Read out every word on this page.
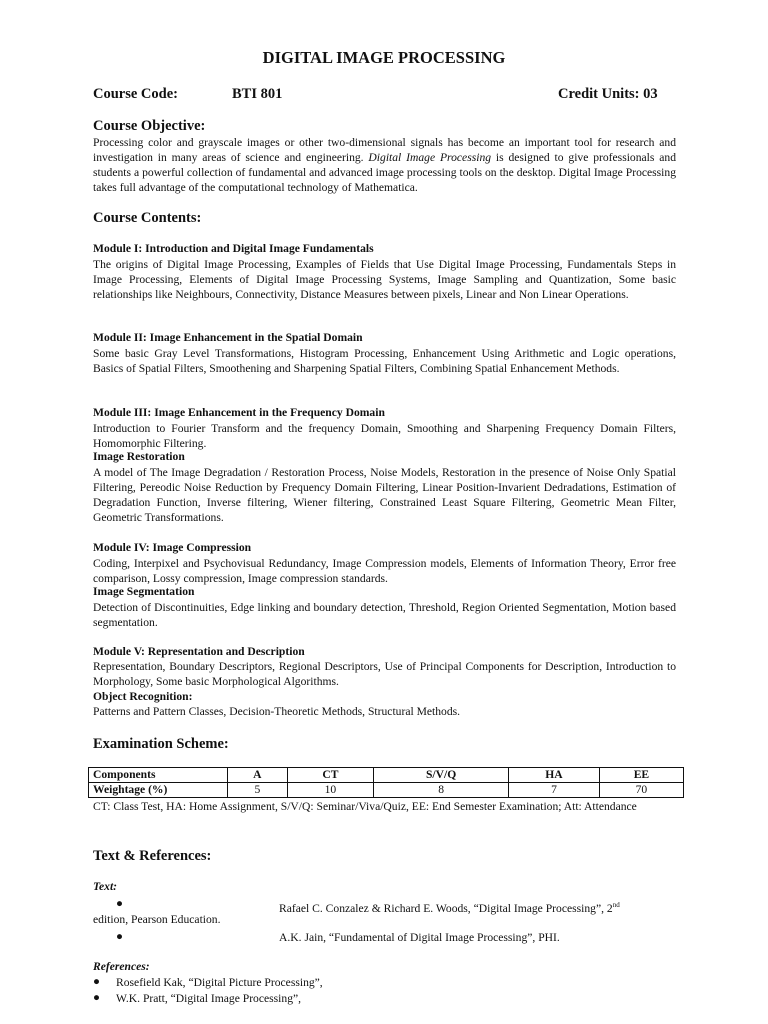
DIGITAL IMAGE PROCESSING
Course Code:	BTI 801	Credit Units: 03
Course Objective:
Processing color and grayscale images or other two-dimensional signals has become an important tool for research and investigation in many areas of science and engineering. Digital Image Processing is designed to give professionals and students a powerful collection of fundamental and advanced image processing tools on the desktop. Digital Image Processing takes full advantage of the computational technology of Mathematica.
Course Contents:
Module I: Introduction and Digital Image Fundamentals
The origins of Digital Image Processing, Examples of Fields that Use Digital Image Processing, Fundamentals Steps in Image Processing, Elements of Digital Image Processing Systems, Image Sampling and Quantization, Some basic relationships like Neighbours, Connectivity, Distance Measures between pixels, Linear and Non Linear Operations.
Module II: Image Enhancement in the Spatial Domain
Some basic Gray Level Transformations, Histogram Processing, Enhancement Using Arithmetic and Logic operations, Basics of Spatial Filters, Smoothening and Sharpening Spatial Filters, Combining Spatial Enhancement Methods.
Module III: Image Enhancement in the Frequency Domain
Introduction to Fourier Transform and the frequency Domain, Smoothing and Sharpening Frequency Domain Filters, Homomorphic Filtering.
Image Restoration
A model of The Image Degradation / Restoration Process, Noise Models, Restoration in the presence of Noise Only Spatial Filtering, Pereodic Noise Reduction by Frequency Domain Filtering, Linear Position-Invarient Dedradations, Estimation of Degradation Function, Inverse filtering, Wiener filtering, Constrained Least Square Filtering, Geometric Mean Filter, Geometric Transformations.
Module IV: Image Compression
Coding, Interpixel and Psychovisual Redundancy, Image Compression models, Elements of Information Theory, Error free comparison, Lossy compression, Image compression standards.
Image Segmentation
Detection of Discontinuities, Edge linking and boundary detection, Threshold, Region Oriented Segmentation, Motion based segmentation.
Module V: Representation and Description
Representation, Boundary Descriptors, Regional Descriptors, Use of Principal Components for Description, Introduction to Morphology, Some basic Morphological Algorithms.
Object Recognition:
Patterns and Pattern Classes, Decision-Theoretic Methods, Structural Methods.
Examination Scheme:
Components	A	CT	S/V/Q	HA	EE
Weightage (%)	5	10	8	7	70
CT: Class Test, HA: Home Assignment, S/V/Q: Seminar/Viva/Quiz, EE: End Semester Examination; Att: Attendance
Text & References:
Text:
●	Rafael C. Conzalez & Richard E. Woods, “Digital Image Processing”, 2nd
edition, Pearson Education.
●	A.K. Jain, “Fundamental of Digital Image Processing”, PHI.
References:
● Rosefield Kak, “Digital Picture Processing”,
● W.K. Pratt, “Digital Image Processing”,
